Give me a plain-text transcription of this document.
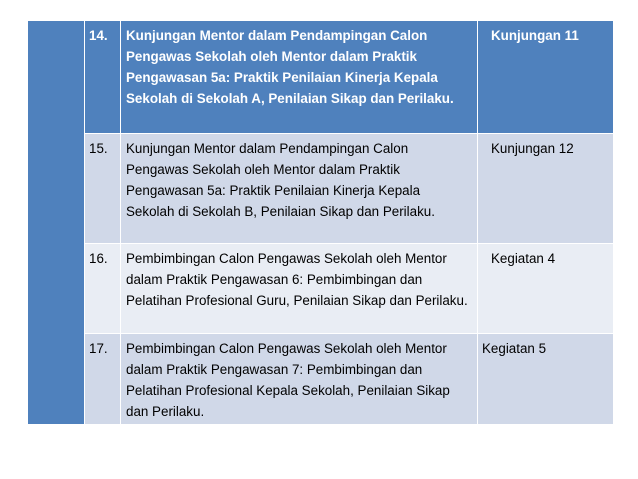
	14.	Kunjungan Mentor dalam Pendampingan Calon Pengawas Sekolah oleh Mentor dalam Praktik Pengawasan 5a: Praktik Penilaian Kinerja Kepala Sekolah di Sekolah A, Penilaian Sikap dan Perilaku.	Kunjungan 11
	15.	Kunjungan Mentor dalam Pendampingan Calon Pengawas Sekolah oleh Mentor dalam Praktik Pengawasan 5a: Praktik Penilaian Kinerja Kepala Sekolah di Sekolah B, Penilaian Sikap dan Perilaku.	Kunjungan 12
	16.	Pembimbingan Calon Pengawas Sekolah oleh Mentor dalam Praktik Pengawasan 6: Pembimbingan dan Pelatihan Profesional Guru, Penilaian Sikap dan Perilaku.	Kegiatan 4
	17.	Pembimbingan Calon Pengawas Sekolah oleh Mentor dalam Praktik Pengawasan 7: Pembimbingan dan Pelatihan Profesional Kepala Sekolah, Penilaian Sikap dan Perilaku.	Kegiatan 5
